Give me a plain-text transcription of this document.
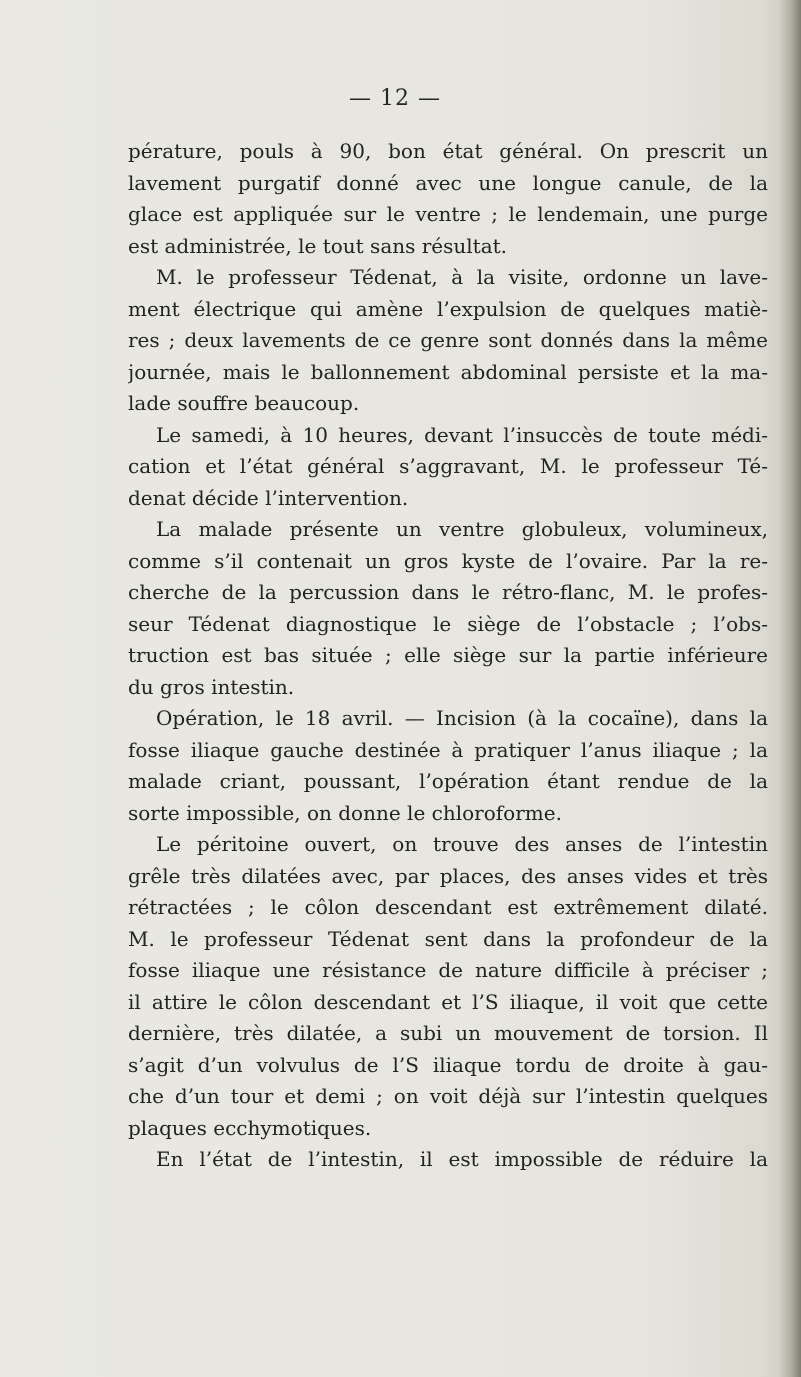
— 12 —
pérature, pouls à 90, bon état général. On prescrit un
lavement purgatif donné avec une longue canule, de la
glace est appliquée sur le ventre ; le lendemain, une purge
est administrée, le tout sans résultat.
M. le professeur Tédenat, à la visite, ordonne un lave-
ment électrique qui amène l’expulsion de quelques matiè-
res ; deux lavements de ce genre sont donnés dans la même
journée, mais le ballonnement abdominal persiste et la ma-
lade souffre beaucoup.
Le samedi, à 10 heures, devant l’insuccès de toute médi-
cation et l’état général s’aggravant, M. le professeur Té-
denat décide l’intervention.
La malade présente un ventre globuleux, volumineux,
comme s’il contenait un gros kyste de l’ovaire. Par la re-
cherche de la percussion dans le rétro-flanc, M. le profes-
seur Tédenat diagnostique le siège de l’obstacle ; l’obs-
truction est bas située ; elle siège sur la partie inférieure
du gros intestin.
Opération, le 18 avril. — Incision (à la cocaïne), dans la
fosse iliaque gauche destinée à pratiquer l’anus iliaque ; la
malade criant, poussant, l’opération étant rendue de la
sorte impossible, on donne le chloroforme.
Le péritoine ouvert, on trouve des anses de l’intestin
grêle très dilatées avec, par places, des anses vides et très
rétractées ; le côlon descendant est extrêmement dilaté.
M. le professeur Tédenat sent dans la profondeur de la
fosse iliaque une résistance de nature difficile à préciser ;
il attire le côlon descendant et l’S iliaque, il voit que cette
dernière, très dilatée, a subi un mouvement de torsion. Il
s’agit d’un volvulus de l’S iliaque tordu de droite à gau-
che d’un tour et demi ; on voit déjà sur l’intestin quelques
plaques ecchymotiques.
En l’état de l’intestin, il est impossible de réduire la
